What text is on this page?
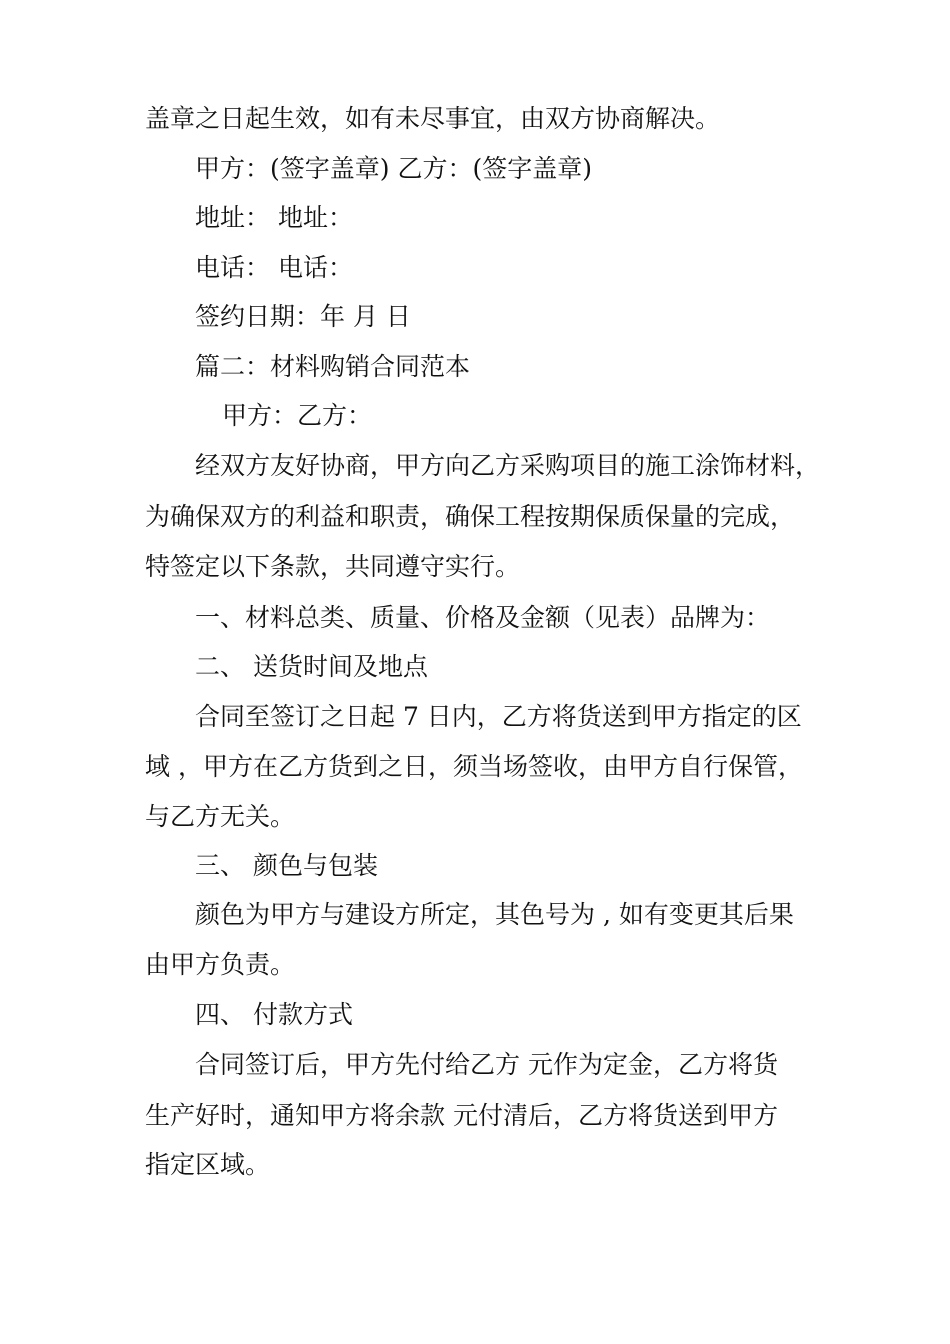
盖章之日起生效，如有未尽事宜，由双方协商解决。
甲方：(签字盖章) 乙方：(签字盖章)
地址： 地址：
电话： 电话：
签约日期：年 月 日
篇二：材料购销合同范本
甲方：乙方：
经双方友好协商，甲方向乙方采购项目的施工涂饰材料，
为确保双方的利益和职责，确保工程按期保质保量的完成，
特签定以下条款，共同遵守实行。
一、材料总类、质量、价格及金额（见表）品牌为：
二、 送货时间及地点
合同至签订之日起 7 日内，乙方将货送到甲方指定的区
域 ，甲方在乙方货到之日，须当场签收，由甲方自行保管，
与乙方无关。
三、 颜色与包装
颜色为甲方与建设方所定，其色号为 , 如有变更其后果
由甲方负责。
四、 付款方式
合同签订后，甲方先付给乙方 元作为定金，乙方将货
生产好时，通知甲方将余款 元付清后，乙方将货送到甲方
指定区域。
